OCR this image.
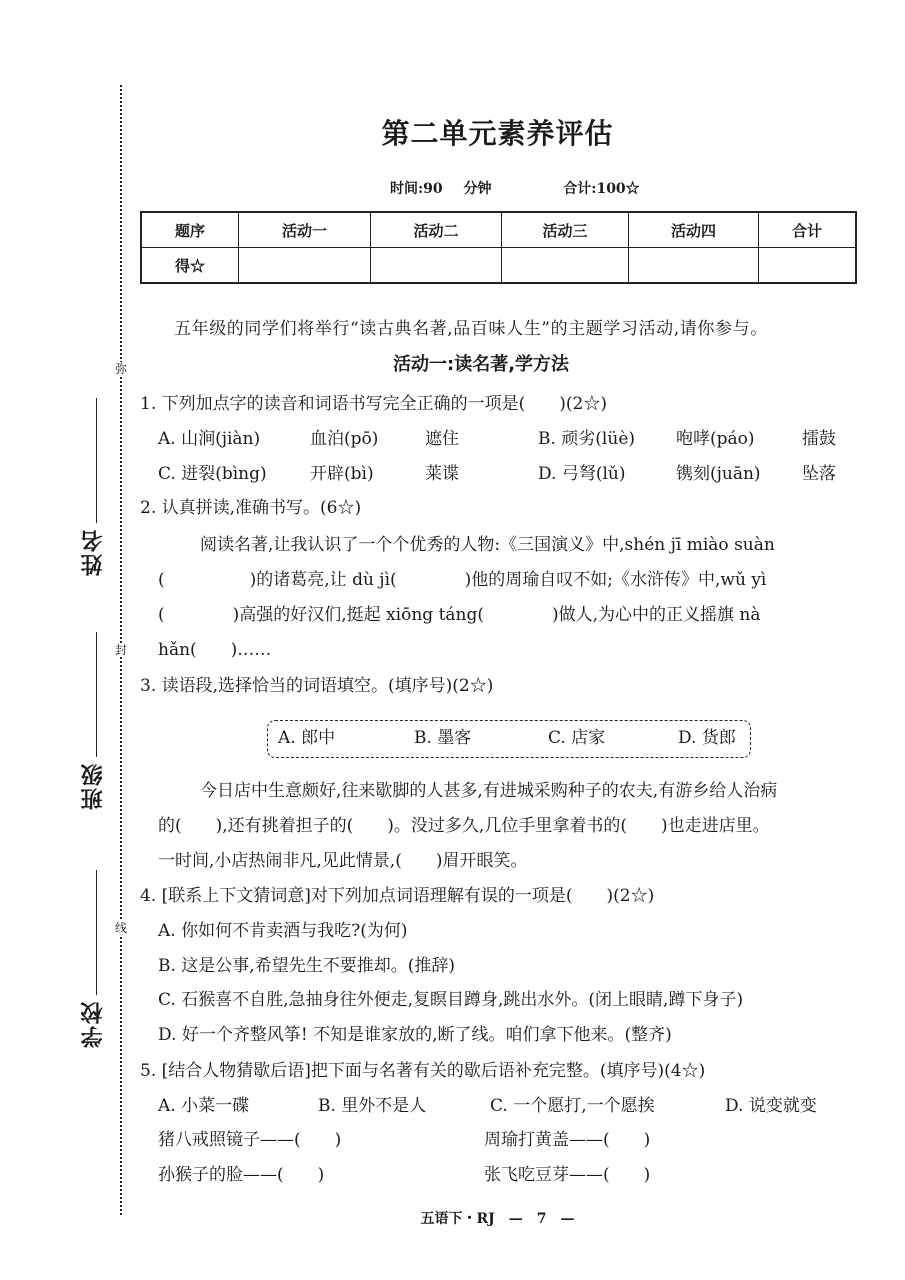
弥
封
线
姓名
班级
学校
第二单元素养评估
时间:90 分钟	合计:100☆
题序	活动一	活动二	活动三	活动四	合计
得☆					
五年级的同学们将举行“读古典名著,品百味人生”的主题学习活动,请你参与。
活动一:读名著,学方法
1. 下列加点字的读音和词语书写完全正确的一项是(　　)(2☆)
A. 山涧(jiàn)	血泊(pō)	遮住	B. 顽劣(lüè) 咆哮(páo)	擂鼓
C. 迸裂(bìng)	开辟(bì)	莱谍	D. 弓弩(lǔ)	镌刻(juān) 坠落
2. 认真拼读,准确书写。(6☆)
阅读名著,让我认识了一个个优秀的人物:《三国演义》中,shén jī miào suàn
(　　　　　)的诸葛亮,让 dù jì(　　　　)他的周瑜自叹不如;《水浒传》中,wǔ yì
(　　　　)高强的好汉们,挺起 xiōng táng(　　　　)做人,为心中的正义摇旗 nà
hǎn(　　)……
3. 读语段,选择恰当的词语填空。(填序号)(2☆)
A. 郎中	B. 墨客	C. 店家	D. 货郎
今日店中生意颇好,往来歇脚的人甚多,有进城采购种子的农夫,有游乡给人治病
的(　　),还有挑着担子的(　　)。没过多久,几位手里拿着书的(　　)也走进店里。
一时间,小店热闹非凡,见此情景,(　　)眉开眼笑。
4. [联系上下文猜词意]对下列加点词语理解有误的一项是(　　)(2☆)
A. 你如何不肯卖酒与我吃?(为何)
B. 这是公事,希望先生不要推却。(推辞)
C. 石猴喜不自胜,急抽身往外便走,复瞑目蹲身,跳出水外。(闭上眼睛,蹲下身子)
D. 好一个齐整风筝! 不知是谁家放的,断了线。咱们拿下他来。(整齐)
5. [结合人物猜歇后语]把下面与名著有关的歇后语补充完整。(填序号)(4☆)
A. 小菜一碟	B. 里外不是人	C. 一个愿打,一个愿挨	D. 说变就变
猪八戒照镜子——(　　)	周瑜打黄盖——(　　)
孙猴子的脸——(　　)	张飞吃豆芽——(　　)
五语下・RJ　—　7　—
